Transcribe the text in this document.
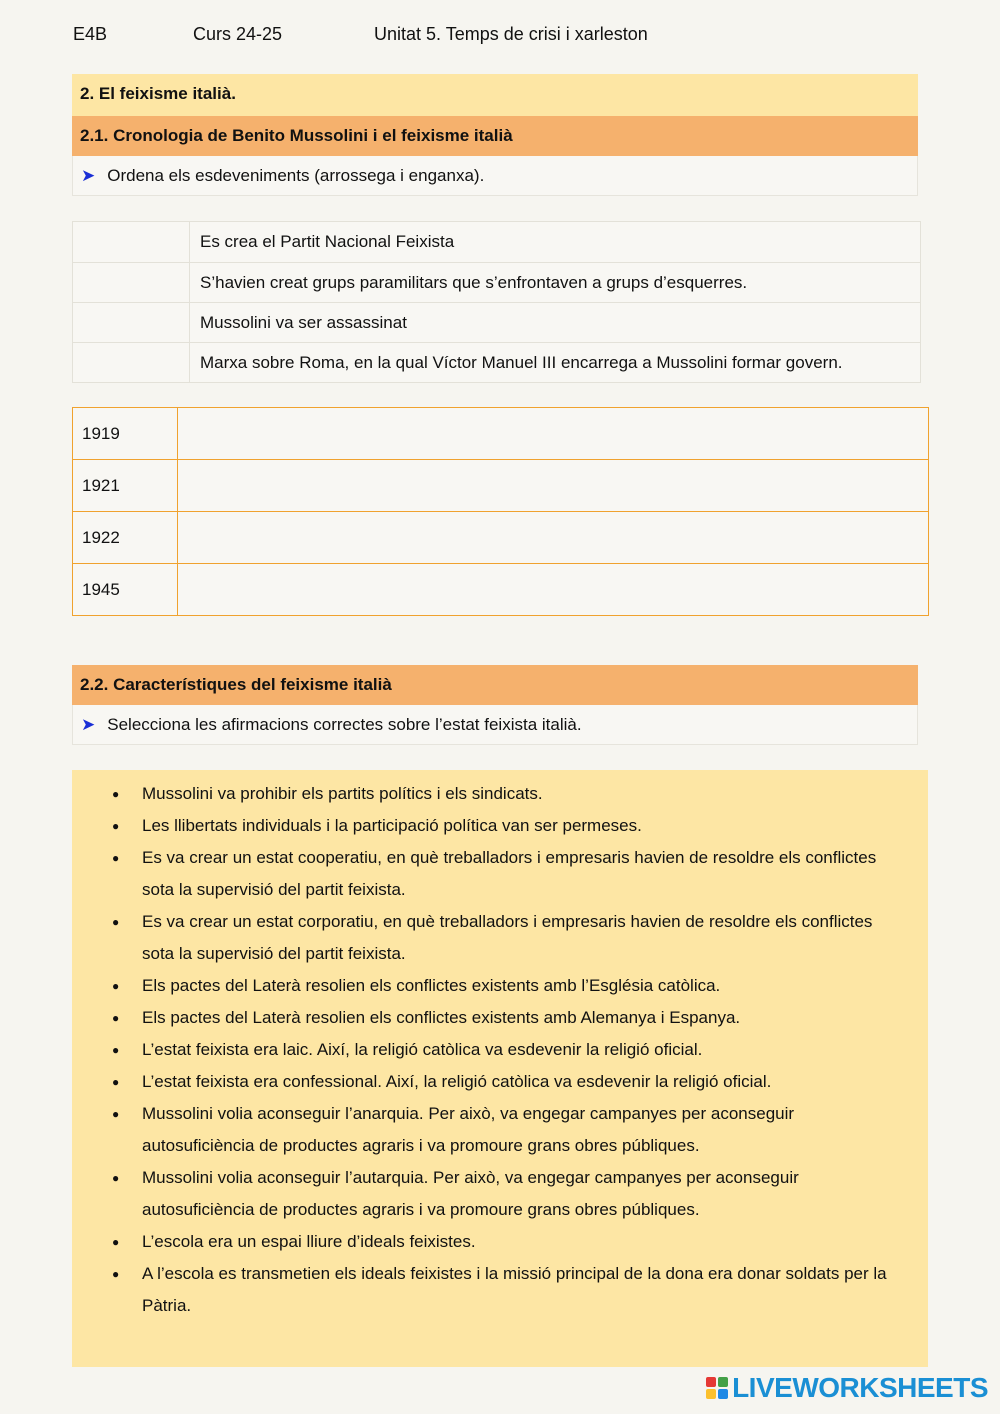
E4B	Curs 24-25	Unitat 5. Temps de crisi i xarleston
2. El feixisme italià.
2.1. Cronologia de Benito Mussolini i el feixisme italià
➤ Ordena els esdeveniments (arrossega i enganxa).
Es crea el Partit Nacional Feixista
S’havien creat grups paramilitars que s’enfrontaven a grups d’esquerres.
Mussolini va ser assassinat
Marxa sobre Roma, en la qual Víctor Manuel III encarrega a Mussolini formar govern.
1919
1921
1922
1945
2.2. Característiques del feixisme italià
➤ Selecciona les afirmacions correctes sobre l’estat feixista italià.
● Mussolini va prohibir els partits polítics i els sindicats.
● Les llibertats individuals i la participació política van ser permeses.
● Es va crear un estat cooperatiu, en què treballadors i empresaris havien de resoldre els conflictes sota la supervisió del partit feixista.
● Es va crear un estat corporatiu, en què treballadors i empresaris havien de resoldre els conflictes sota la supervisió del partit feixista.
● Els pactes del Laterà resolien els conflictes existents amb l’Església catòlica.
● Els pactes del Laterà resolien els conflictes existents amb Alemanya i Espanya.
● L’estat feixista era laic. Així, la religió catòlica va esdevenir la religió oficial.
● L’estat feixista era confessional. Així, la religió catòlica va esdevenir la religió oficial.
● Mussolini volia aconseguir l’anarquia. Per això, va engegar campanyes per aconseguir autosuficiència de productes agraris i va promoure grans obres públiques.
● Mussolini volia aconseguir l’autarquia. Per això, va engegar campanyes per aconseguir autosuficiència de productes agraris i va promoure grans obres públiques.
● L’escola era un espai lliure d’ideals feixistes.
● A l’escola es transmetien els ideals feixistes i la missió principal de la dona era donar soldats per la Pàtria.
LIVEWORKSHEETS
